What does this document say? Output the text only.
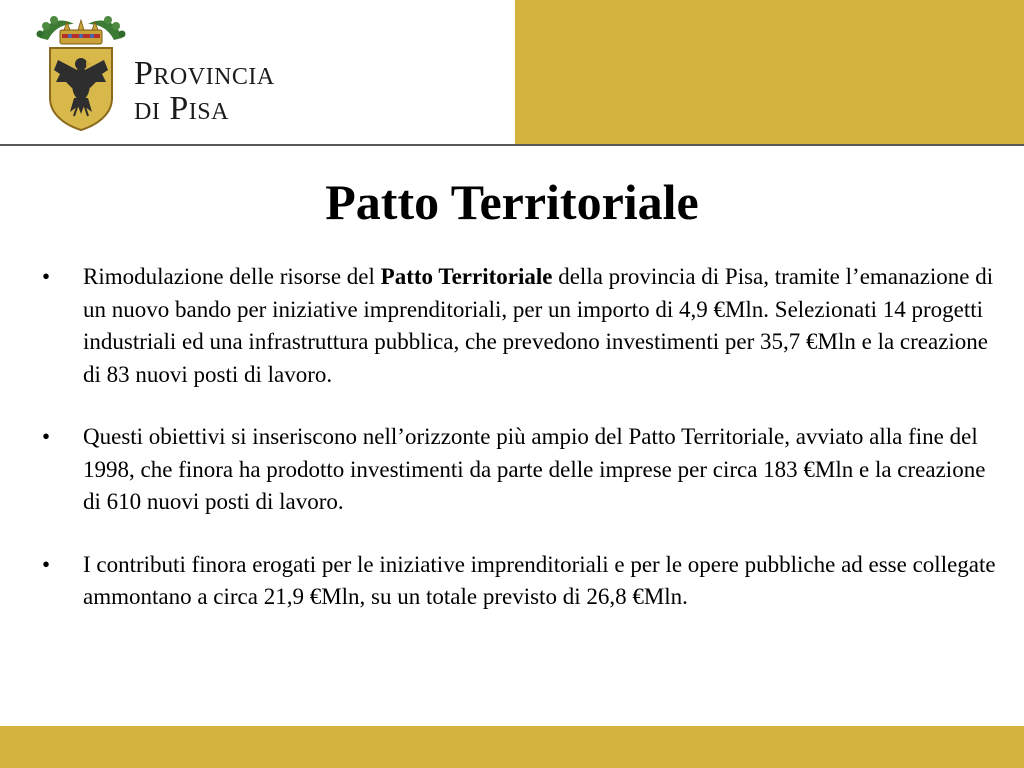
Provincia
di Pisa
Patto Territoriale
• Rimodulazione delle risorse del Patto Territoriale della provincia di Pisa, tramite l’emanazione di un nuovo bando per iniziative imprenditoriali, per un importo di 4,9 €Mln. Selezionati 14 progetti industriali ed una infrastruttura pubblica, che prevedono investimenti per 35,7 €Mln e la creazione di 83 nuovi posti di lavoro.
• Questi obiettivi si inseriscono nell’orizzonte più ampio del Patto Territoriale, avviato alla fine del 1998, che finora ha prodotto investimenti da parte delle imprese per circa 183 €Mln e la creazione di 610 nuovi posti di lavoro.
• I contributi finora erogati per le iniziative imprenditoriali e per le opere pubbliche ad esse collegate ammontano a circa 21,9 €Mln, su un totale previsto di 26,8 €Mln.
